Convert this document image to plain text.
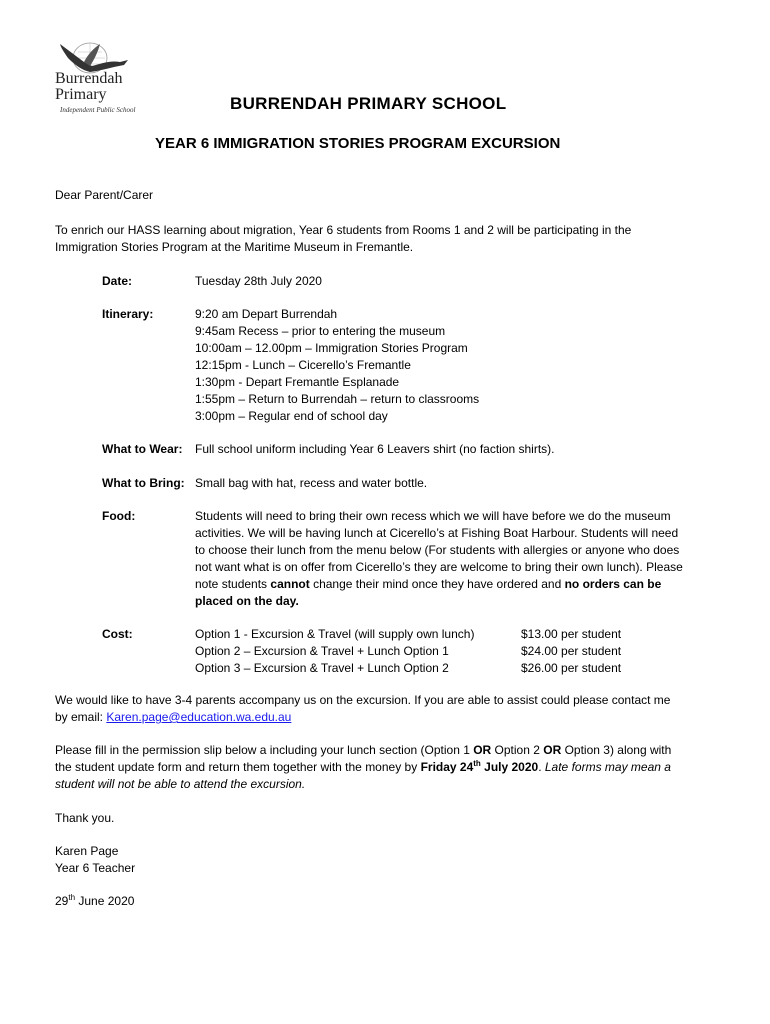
Burrendah
Primary
Independent Public School	BURRENDAH PRIMARY SCHOOL
YEAR 6 IMMIGRATION STORIES PROGRAM EXCURSION
Dear Parent/Carer
To enrich our HASS learning about migration, Year 6 students from Rooms 1 and 2 will be participating in the
Immigration Stories Program at the Maritime Museum in Fremantle.
Date:	Tuesday 28th July 2020
Itinerary:	9:20 am Depart Burrendah
9:45am Recess – prior to entering the museum
10:00am – 12.00pm – Immigration Stories Program
12:15pm - Lunch – Cicerello’s Fremantle
1:30pm - Depart Fremantle Esplanade
1:55pm – Return to Burrendah – return to classrooms
3:00pm – Regular end of school day
What to Wear: Full school uniform including Year 6 Leavers shirt (no faction shirts).
What to Bring: Small bag with hat, recess and water bottle.
Food:	Students will need to bring their own recess which we will have before we do the museum
activities. We will be having lunch at Cicerello’s at Fishing Boat Harbour. Students will need
to choose their lunch from the menu below (For students with allergies or anyone who does
not want what is on offer from Cicerello’s they are welcome to bring their own lunch). Please
note students cannot change their mind once they have ordered and no orders can be
placed on the day.
Cost:	Option 1 - Excursion & Travel (will supply own lunch)	$13.00 per student
Option 2 – Excursion & Travel + Lunch Option 1	$24.00 per student
Option 3 – Excursion & Travel + Lunch Option 2	$26.00 per student
We would like to have 3-4 parents accompany us on the excursion. If you are able to assist could please contact me
by email: Karen.page@education.wa.edu.au
Please fill in the permission slip below a including your lunch section (Option 1 OR Option 2 OR Option 3) along with
the student update form and return them together with the money by Friday 24th July 2020. Late forms may mean a
student will not be able to attend the excursion.
Thank you.
Karen Page
Year 6 Teacher
29th June 2020
